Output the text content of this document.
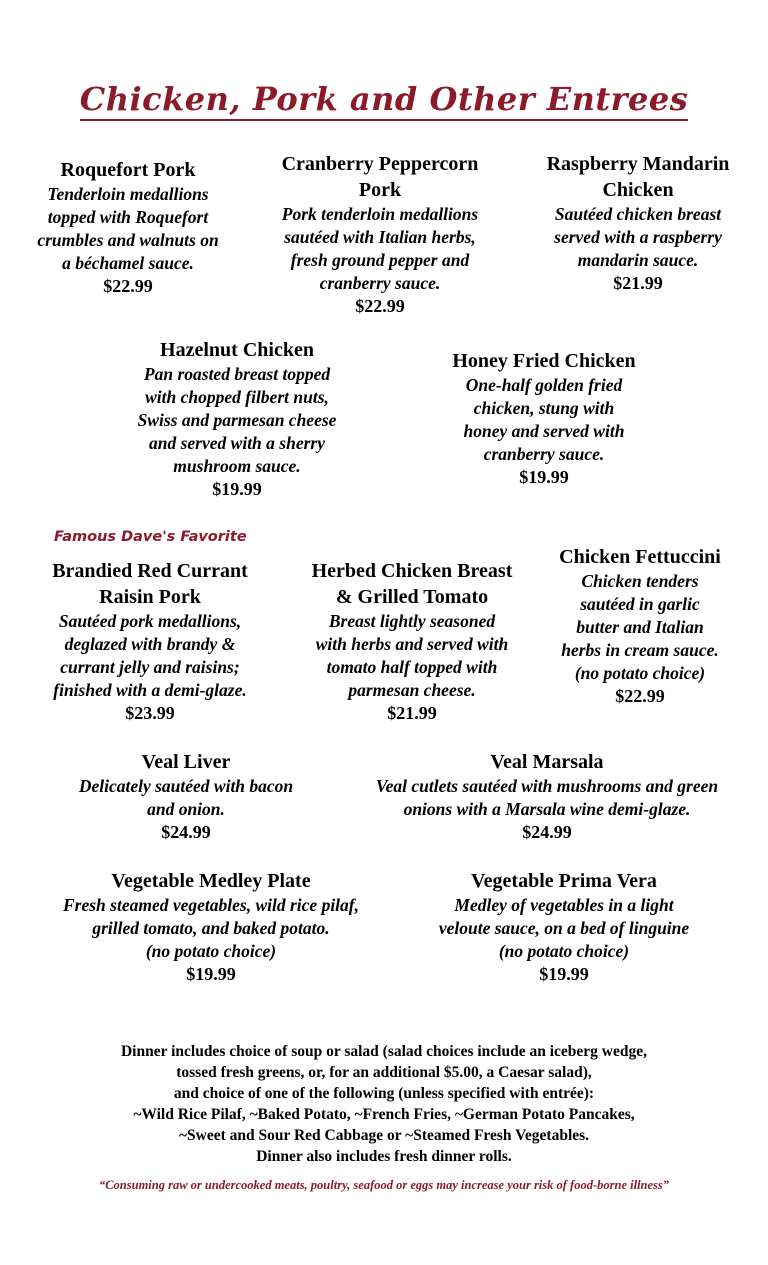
Chicken, Pork and Other Entrees
Famous Dave's Favorite
Roquefort Pork
Tenderloin medallions
topped with Roquefort
crumbles and walnuts on
a béchamel sauce.
$22.99
Cranberry Peppercorn
Pork
Pork tenderloin medallions
sautéed with Italian herbs,
fresh ground pepper and
cranberry sauce.
$22.99
Raspberry Mandarin
Chicken
Sautéed chicken breast
served with a raspberry
mandarin sauce.
$21.99
Hazelnut Chicken
Pan roasted breast topped
with chopped filbert nuts,
Swiss and parmesan cheese
and served with a sherry
mushroom sauce.
$19.99
Honey Fried Chicken
One-half golden fried
chicken, stung with
honey and served with
cranberry sauce.
$19.99
Brandied Red Currant
Raisin Pork
Sautéed pork medallions,
deglazed with brandy &
currant jelly and raisins;
finished with a demi-glaze.
$23.99
Herbed Chicken Breast
& Grilled Tomato
Breast lightly seasoned
with herbs and served with
tomato half topped with
parmesan cheese.
$21.99
Chicken Fettuccini
Chicken tenders
sautéed in garlic
butter and Italian
herbs in cream sauce.
(no potato choice)
$22.99
Veal Liver
Delicately sautéed with bacon
and onion.
$24.99
Veal Marsala
Veal cutlets sautéed with mushrooms and green
onions with a Marsala wine demi-glaze.
$24.99
Vegetable Medley Plate
Fresh steamed vegetables, wild rice pilaf,
grilled tomato, and baked potato.
(no potato choice)
$19.99
Vegetable Prima Vera
Medley of vegetables in a light
veloute sauce, on a bed of linguine
(no potato choice)
$19.99
Dinner includes choice of soup or salad (salad choices include an iceberg wedge,
tossed fresh greens, or, for an additional $5.00, a Caesar salad),
and choice of one of the following (unless specified with entrée):
~Wild Rice Pilaf, ~Baked Potato, ~French Fries, ~German Potato Pancakes,
~Sweet and Sour Red Cabbage or ~Steamed Fresh Vegetables.
Dinner also includes fresh dinner rolls.
“Consuming raw or undercooked meats, poultry, seafood or eggs may increase your risk of food-borne illness”
